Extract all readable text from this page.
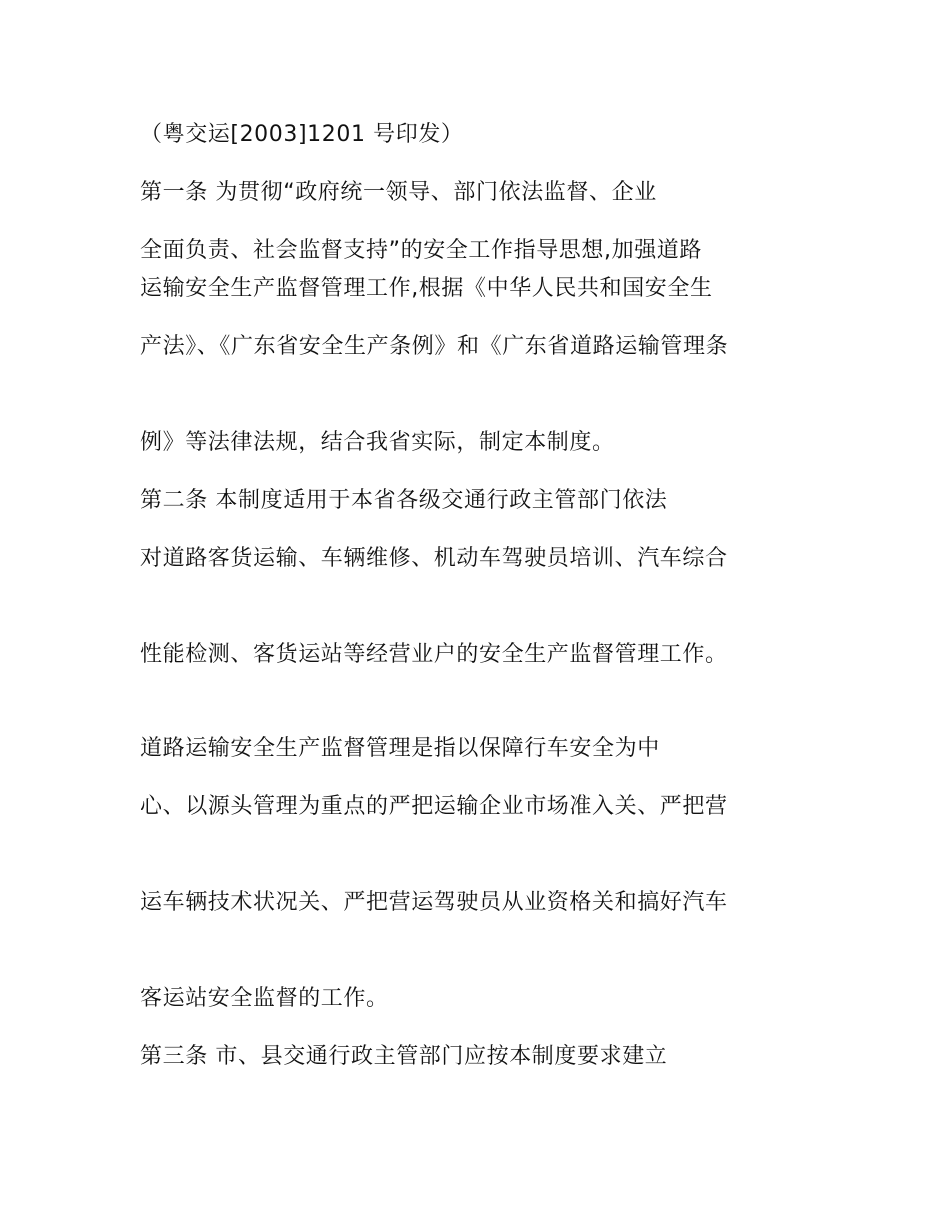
（粤交运[2003]1201 号印发）
第一条 为贯彻“政府统一领导、部门依法监督、企业
全面负责、社会监督支持”的安全工作指导思想,加强道路
运输安全生产监督管理工作,根据《中华人民共和国安全生
产法》、《广东省安全生产条例》和《广东省道路运输管理条
例》等法律法规，结合我省实际，制定本制度。
第二条 本制度适用于本省各级交通行政主管部门依法
对道路客货运输、车辆维修、机动车驾驶员培训、汽车综合
性能检测、客货运站等经营业户的安全生产监督管理工作。
道路运输安全生产监督管理是指以保障行车安全为中
心、以源头管理为重点的严把运输企业市场准入关、严把营
运车辆技术状况关、严把营运驾驶员从业资格关和搞好汽车
客运站安全监督的工作。
第三条 市、县交通行政主管部门应按本制度要求建立
